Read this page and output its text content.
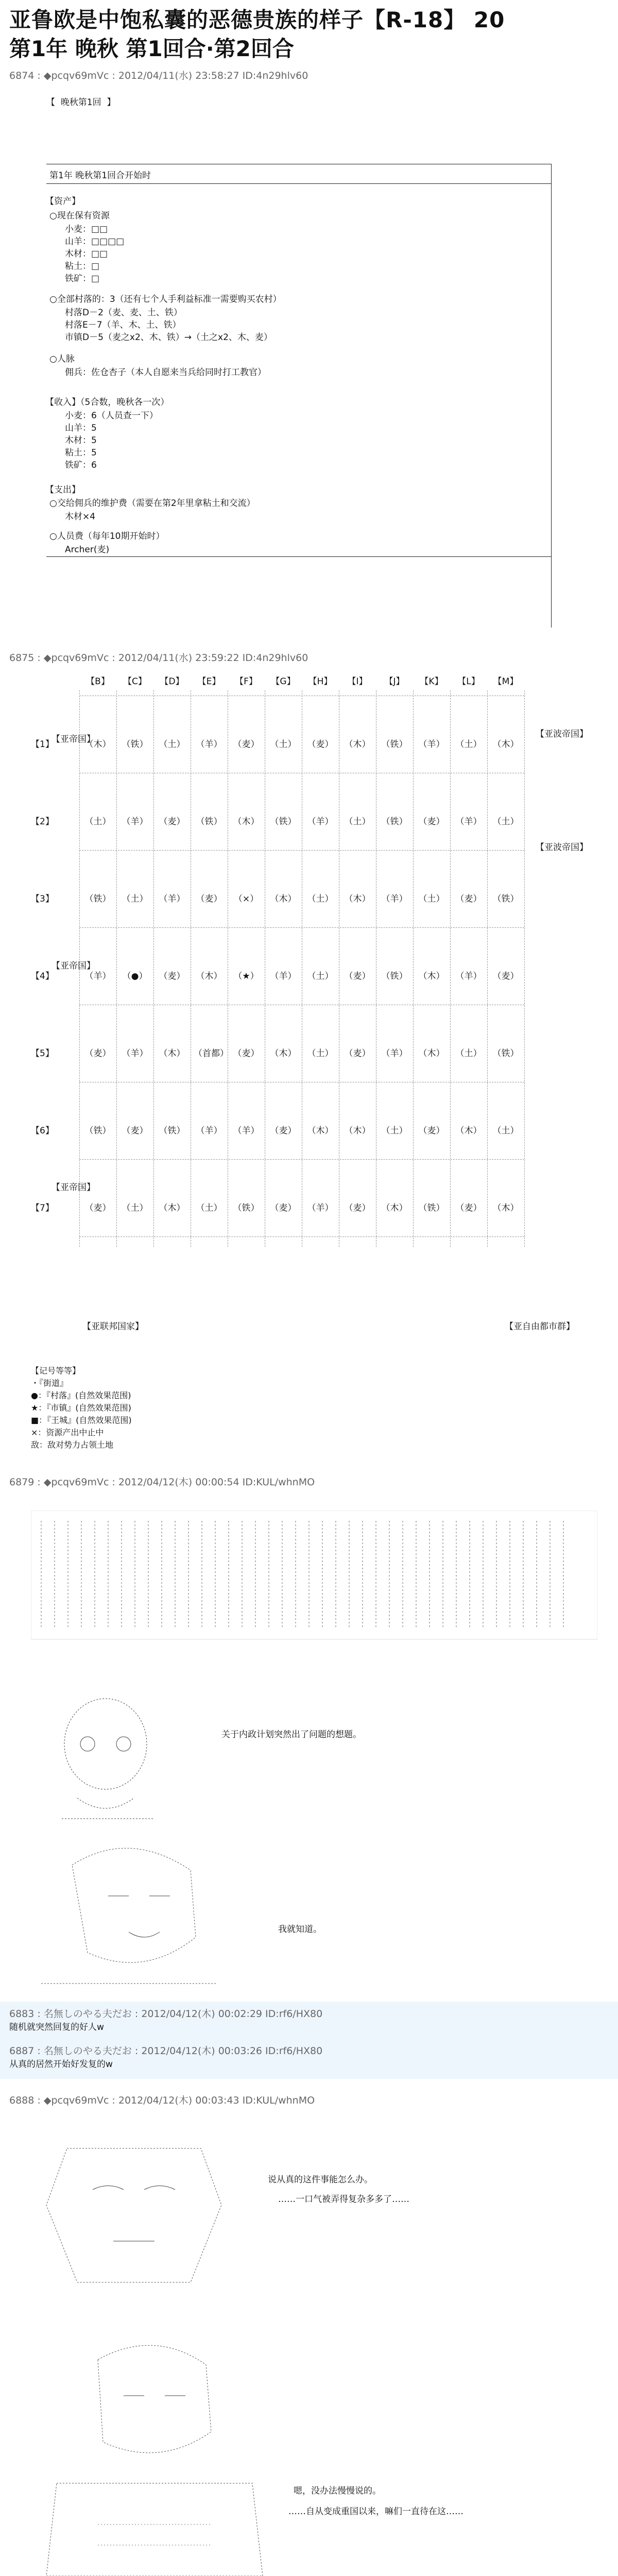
亚鲁欧是中饱私囊的恶德贵族的样子【R-18】 20
第1年 晚秋 第1回合·第2回合
6874 : ◆pcqv69mVc : 2012/04/11(水) 23:58:27 ID:4n29hlv60
【  晚秋第1回  】
第1年 晚秋第1回合开始时
【资产】
○现在保有资源
小麦：□□
山羊：□□□□
木材：□□
粘土：□
铁矿：□
○全部村落的：3（还有七个人手利益标准一需要购买农村）
村落D－2（麦、麦、土、铁）
村落E－7（羊、木、土、铁）
市镇D－5（麦之x2、木、铁）→（土之x2、木、麦）
○人脉
佣兵：佐仓杏子（本人自愿来当兵给同时打工教官）
【收入】（5合数，晚秋各一次）
小麦：6（人员查一下）
山羊：5
木材：5
粘土：5
铁矿：6
【支出】
○交给佣兵的维护费（需要在第2年里拿粘土和交流）
木材×4
○人员费（每年10期开始时）
Archer(麦)
6875 : ◆pcqv69mVc : 2012/04/11(水) 23:59:22 ID:4n29hlv60
【B】	【C】	【D】	【E】	【F】	【G】	【H】	【I】	【J】	【K】	【L】	【M】
【1】	（木） （铁） （土） （羊） （麦） （土） （麦） （木） （铁） （羊） （土） （木）
【2】	（土） （羊） （麦） （铁） （木） （铁） （羊） （土） （铁） （麦） （羊） （土）
【3】	（铁） （土） （羊） （麦）	（×）	（木） （土） （木） （羊） （土） （麦） （铁）
【4】	（羊）	（●）	（麦） （木）	（★）	（羊） （土） （麦） （铁） （木） （羊） （麦）
【5】	（麦） （羊） （木） （首都） （麦） （木） （土） （麦） （羊） （木） （土） （铁）
【6】	（铁） （麦） （铁） （羊） （羊） （麦） （木） （木） （土） （麦） （木） （土）
【7】	（麦） （土） （木） （土） （铁） （麦） （羊） （麦） （木） （铁） （麦） （木）
【亚帝国】
【亚帝国】
【亚帝国】
【亚波帝国】
【亚波帝国】
【亚联邦国家】	【亚自由都市群】
【记号等等】
・『街道』
●：『村落』(自然效果范围)
★：『市镇』(自然效果范围)
■：『王城』(自然效果范围)
×：资源产出中止中
敌：敌对势力占领土地
6879 : ◆pcqv69mVc : 2012/04/12(木) 00:00:54 ID:KUL/whnMO
关于内政计划突然出了问题的想题。
我就知道。
6883 : 名無しのやる夫だお : 2012/04/12(木) 00:02:29 ID:rf6/HX80
随机就突然回复的好人w
6887 : 名無しのやる夫だお : 2012/04/12(木) 00:03:26 ID:rf6/HX80
从真的居然开始好发复的w
6888 : ◆pcqv69mVc : 2012/04/12(木) 00:03:43 ID:KUL/whnMO
说从真的这件事能怎么办。
……一口气被弄得复杂多多了……
嗯，没办法慢慢说的。
……自从变成重国以来，嘛们一直待在这……
